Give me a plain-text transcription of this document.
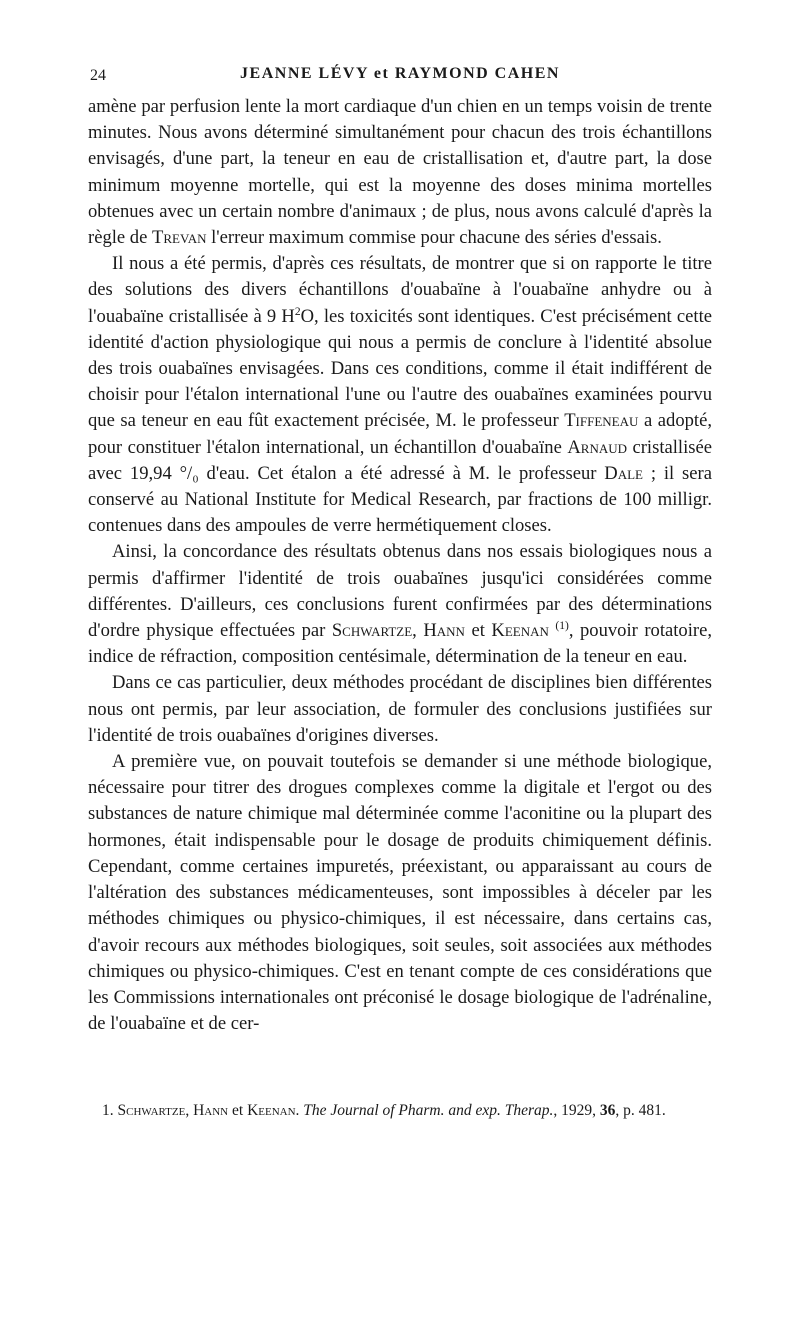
24	JEANNE LÉVY et RAYMOND CAHEN

amène par perfusion lente la mort cardiaque d'un chien en un temps voisin de trente minutes. Nous avons déterminé simultanément pour chacun des trois échantillons envisagés, d'une part, la teneur en eau de cristallisation et, d'autre part, la dose minimum moyenne mortelle, qui est la moyenne des doses minima mortelles obtenues avec un certain nombre d'animaux ; de plus, nous avons calculé d'après la règle de Trevan l'erreur maximum commise pour chacune des séries d'essais.

Il nous a été permis, d'après ces résultats, de montrer que si on rapporte le titre des solutions des divers échantillons d'ouabaïne à l'ouabaïne anhydre ou à l'ouabaïne cristallisée à 9 $H^2O$, les toxicités sont identiques. C'est précisément cette identité d'action physiologique qui nous a permis de conclure à l'identité absolue des trois ouabaïnes envisagées. Dans ces conditions, comme il était indifférent de choisir pour l'étalon international l'une ou l'autre des ouabaïnes examinées pourvu que sa teneur en eau fût exactement précisée, M. le professeur Tiffeneau a adopté, pour constituer l'étalon international, un échantillon d'ouabaïne Arnaud cristallisée avec 19,94 °/₀ d'eau. Cet étalon a été adressé à M. le professeur Dale ; il sera conservé au National Institute for Medical Research, par fractions de 100 milligr. contenues dans des ampoules de verre hermétiquement closes.

Ainsi, la concordance des résultats obtenus dans nos essais biologiques nous a permis d'affirmer l'identité de trois ouabaïnes jusqu'ici considérées comme différentes. D'ailleurs, ces conclusions furent confirmées par des déterminations d'ordre physique effectuées par Schwartze, Hann et Keenan $^{(1)}$, pouvoir rotatoire, indice de réfraction, composition centésimale, détermination de la teneur en eau.

Dans ce cas particulier, deux méthodes procédant de disciplines bien différentes nous ont permis, par leur association, de formuler des conclusions justifiées sur l'identité de trois ouabaïnes d'origines diverses.

A première vue, on pouvait toutefois se demander si une méthode biologique, nécessaire pour titrer des drogues complexes comme la digitale et l'ergot ou des substances de nature chimique mal déterminée comme l'aconitine ou la plupart des hormones, était indispensable pour le dosage de produits chimiquement définis. Cependant, comme certaines impuretés, préexistant, ou apparaissant au cours de l'altération des substances médicamenteuses, sont impossibles à déceler par les méthodes chimiques ou physico-chimiques, il est nécessaire, dans certains cas, d'avoir recours aux méthodes biologiques, soit seules, soit associées aux méthodes chimiques ou physico-chimiques. C'est en tenant compte de ces considérations que les Commissions internationales ont préconisé le dosage biologique de l'adrénaline, de l'ouabaïne et de cer-

1. Schwartze, Hann et Keenan. The Journal of Pharm. and exp. Therap., 1929, 36, p. 481.
